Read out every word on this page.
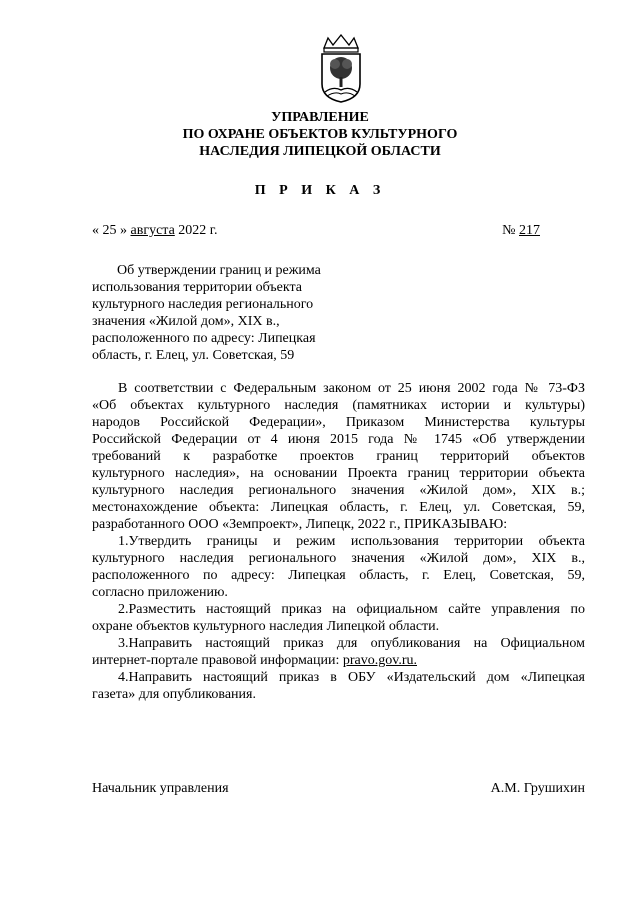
УПРАВЛЕНИЕ
ПО ОХРАНЕ ОБЪЕКТОВ КУЛЬТУРНОГО
НАСЛЕДИЯ ЛИПЕЦКОЙ ОБЛАСТИ
П Р И К А З
« 25 » августа 2022 г.	№ 217
Об утверждении границ и режима
использования территории объекта
культурного наследия регионального
значения «Жилой дом», XIX в.,
расположенного по адресу: Липецкая
область, г. Елец, ул. Советская, 59
В соответствии с Федеральным законом от 25 июня 2002 года № 73-ФЗ
«Об объектах культурного наследия (памятниках истории и культуры)
народов Российской Федерации», Приказом Министерства культуры
Российской Федерации от 4 июня 2015 года № 1745 «Об утверждении
требований к разработке проектов границ территорий объектов
культурного наследия», на основании Проекта границ территории объекта
культурного наследия регионального значения «Жилой дом», XIX в.;
местонахождение объекта: Липецкая область, г. Елец, ул. Советская, 59,
разработанного ООО «Земпроект», Липецк, 2022 г., ПРИКАЗЫВАЮ:
1.Утвердить границы и режим использования территории объекта
культурного наследия регионального значения «Жилой дом», XIX в.,
расположенного по адресу: Липецкая область, г. Елец, Советская, 59,
согласно приложению.
2.Разместить настоящий приказ на официальном сайте управления по
охране объектов культурного наследия Липецкой области.
3.Направить настоящий приказ для опубликования на Официальном
интернет-портале правовой информации: pravo.gov.ru.
4.Направить настоящий приказ в ОБУ «Издательский дом «Липецкая
газета» для опубликования.
Начальник управления	А.М. Грушихин
